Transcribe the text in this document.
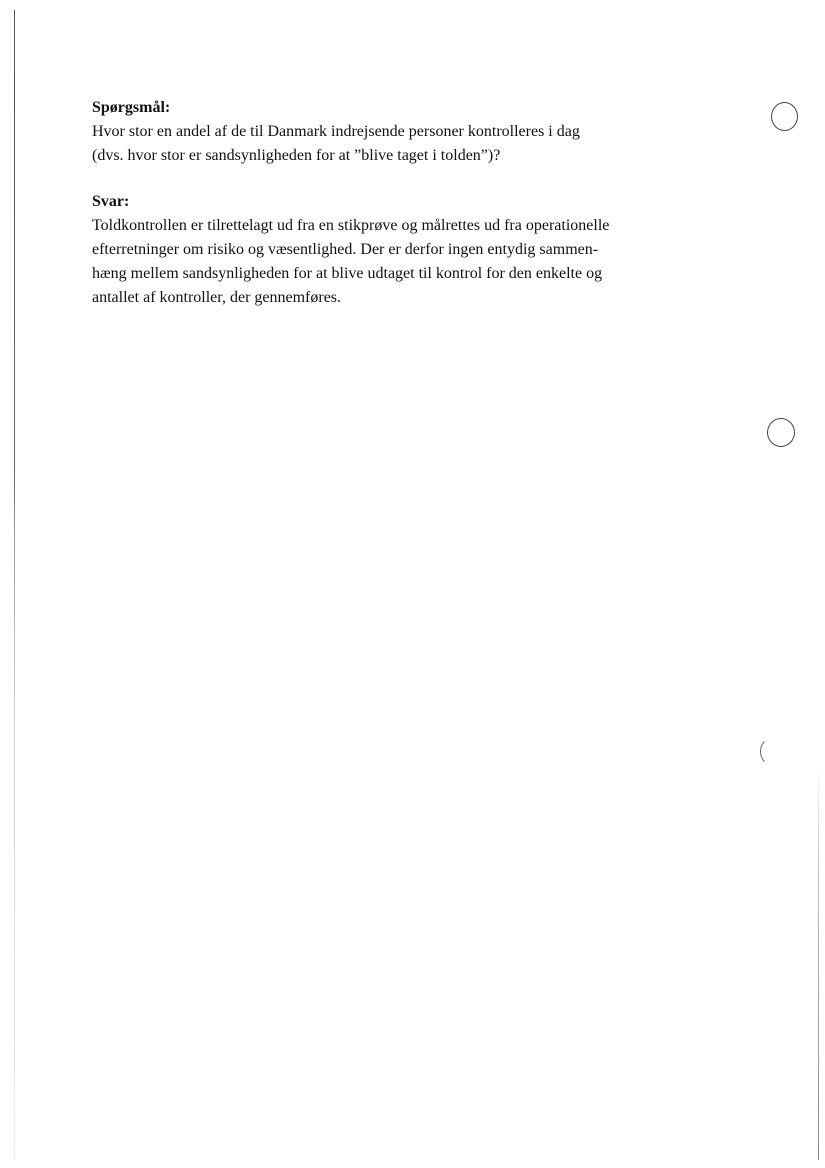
Spørgsmål:

Hvor stor en andel af de til Danmark indrejsende personer kontrolleres i dag
(dvs. hvor stor er sandsynligheden for at ”blive taget i tolden”)?

Svar:

Toldkontrollen er tilrettelagt ud fra en stikprøve og målrettes ud fra operationelle
efterretninger om risiko og væsentlighed. Der er derfor ingen entydig sammen-
hæng mellem sandsynligheden for at blive udtaget til kontrol for den enkelte og
antallet af kontroller, der gennemføres.
